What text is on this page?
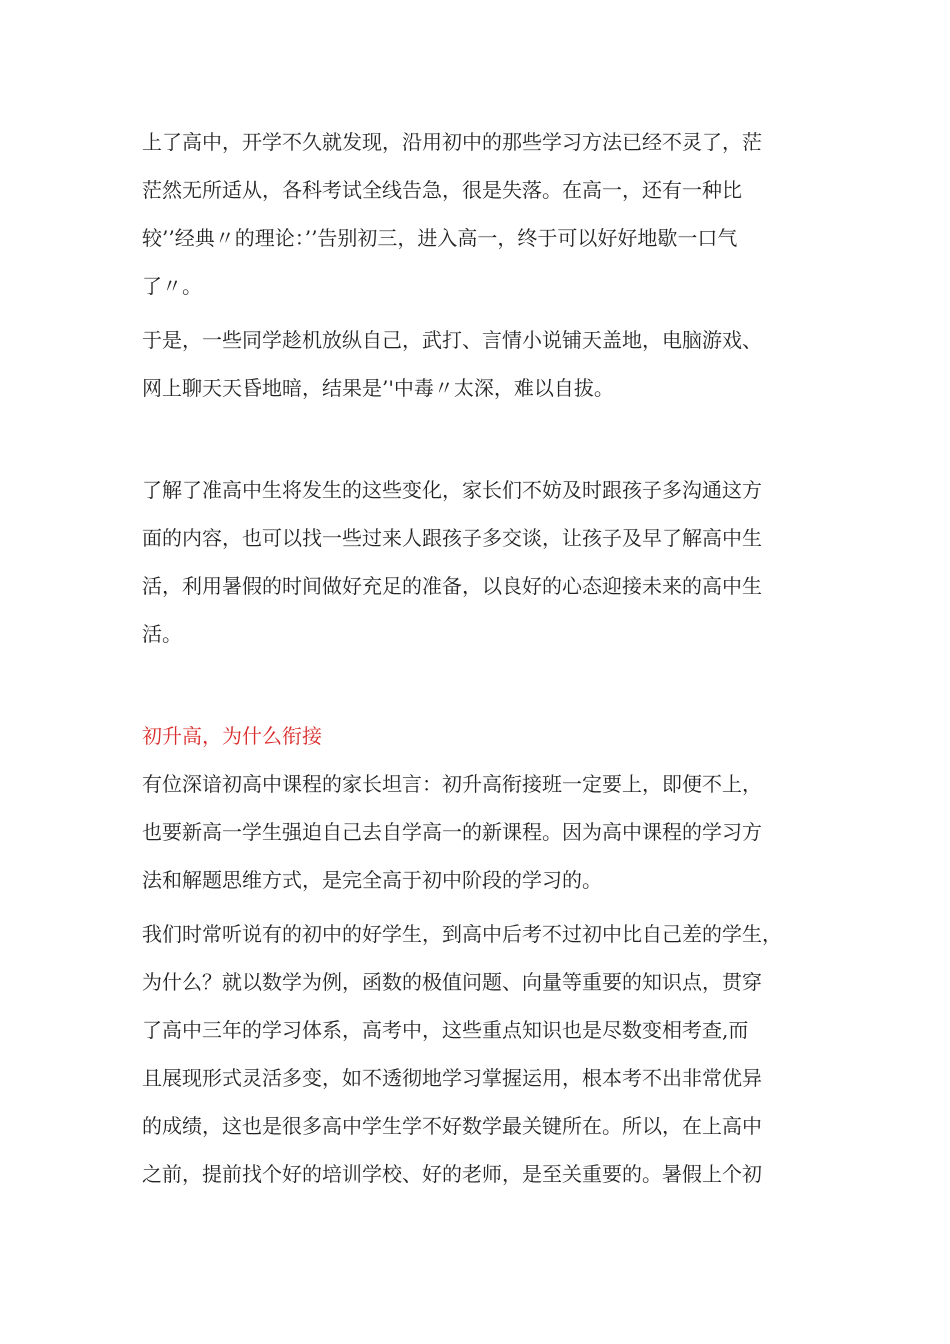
上了高中，开学不久就发现，沿用初中的那些学习方法已经不灵了，茫
茫然无所适从，各科考试全线告急，很是失落。在高一，还有一种比
较’’经典〃的理论：’’告别初三，进入高一，终于可以好好地歇一口气
了〃。
于是，一些同学趁机放纵自己，武打、言情小说铺天盖地，电脑游戏、
网上聊天天昏地暗，结果是’'中毒〃太深，难以自拔。
了解了准高中生将发生的这些变化，家长们不妨及时跟孩子多沟通这方
面的内容，也可以找一些过来人跟孩子多交谈，让孩子及早了解高中生
活，利用暑假的时间做好充足的准备，以良好的心态迎接未来的高中生
活。
初升高，为什么衔接
有位深谙初高中课程的家长坦言：初升高衔接班一定要上，即便不上，
也要新高一学生强迫自己去自学高一的新课程。因为高中课程的学习方
法和解题思维方式，是完全高于初中阶段的学习的。
我们时常听说有的初中的好学生，到高中后考不过初中比自己差的学生，
为什么？就以数学为例，函数的极值问题、向量等重要的知识点，贯穿
了高中三年的学习体系，高考中，这些重点知识也是尽数变相考查,而
且展现形式灵活多变，如不透彻地学习掌握运用，根本考不出非常优异
的成绩，这也是很多高中学生学不好数学最关键所在。所以，在上高中
之前，提前找个好的培训学校、好的老师，是至关重要的。暑假上个初
